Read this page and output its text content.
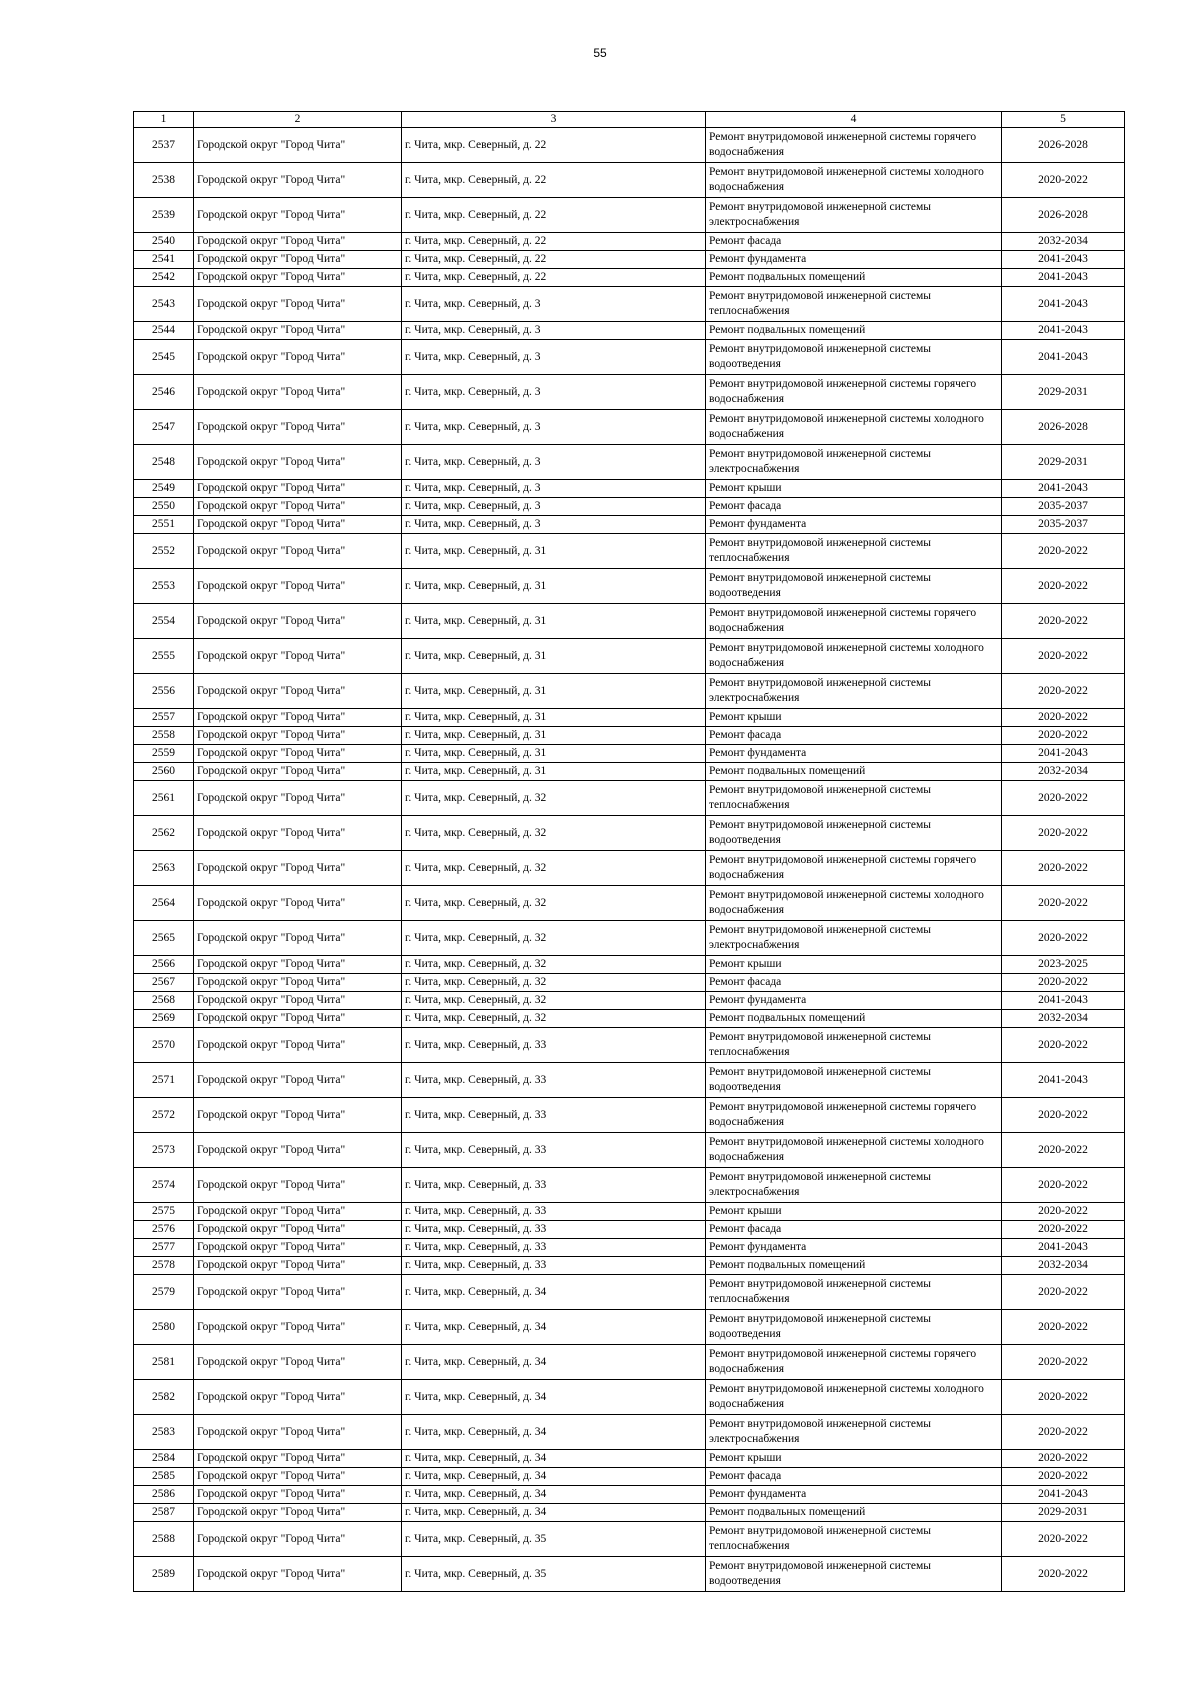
55
1	2	3	4	5
2537	Городской округ "Город Чита"	г. Чита, мкр. Северный, д. 22	Ремонт внутридомовой инженерной системы горячего водоснабжения	2026-2028
2538	Городской округ "Город Чита"	г. Чита, мкр. Северный, д. 22	Ремонт внутридомовой инженерной системы холодного водоснабжения	2020-2022
2539	Городской округ "Город Чита"	г. Чита, мкр. Северный, д. 22	Ремонт внутридомовой инженерной системы электроснабжения	2026-2028
2540	Городской округ "Город Чита"	г. Чита, мкр. Северный, д. 22	Ремонт фасада	2032-2034
2541	Городской округ "Город Чита"	г. Чита, мкр. Северный, д. 22	Ремонт фундамента	2041-2043
2542	Городской округ "Город Чита"	г. Чита, мкр. Северный, д. 22	Ремонт подвальных помещений	2041-2043
2543	Городской округ "Город Чита"	г. Чита, мкр. Северный, д. 3	Ремонт внутридомовой инженерной системы теплоснабжения	2041-2043
2544	Городской округ "Город Чита"	г. Чита, мкр. Северный, д. 3	Ремонт подвальных помещений	2041-2043
2545	Городской округ "Город Чита"	г. Чита, мкр. Северный, д. 3	Ремонт внутридомовой инженерной системы водоотведения	2041-2043
2546	Городской округ "Город Чита"	г. Чита, мкр. Северный, д. 3	Ремонт внутридомовой инженерной системы горячего водоснабжения	2029-2031
2547	Городской округ "Город Чита"	г. Чита, мкр. Северный, д. 3	Ремонт внутридомовой инженерной системы холодного водоснабжения	2026-2028
2548	Городской округ "Город Чита"	г. Чита, мкр. Северный, д. 3	Ремонт внутридомовой инженерной системы электроснабжения	2029-2031
2549	Городской округ "Город Чита"	г. Чита, мкр. Северный, д. 3	Ремонт крыши	2041-2043
2550	Городской округ "Город Чита"	г. Чита, мкр. Северный, д. 3	Ремонт фасада	2035-2037
2551	Городской округ "Город Чита"	г. Чита, мкр. Северный, д. 3	Ремонт фундамента	2035-2037
2552	Городской округ "Город Чита"	г. Чита, мкр. Северный, д. 31	Ремонт внутридомовой инженерной системы теплоснабжения	2020-2022
2553	Городской округ "Город Чита"	г. Чита, мкр. Северный, д. 31	Ремонт внутридомовой инженерной системы водоотведения	2020-2022
2554	Городской округ "Город Чита"	г. Чита, мкр. Северный, д. 31	Ремонт внутридомовой инженерной системы горячего водоснабжения	2020-2022
2555	Городской округ "Город Чита"	г. Чита, мкр. Северный, д. 31	Ремонт внутридомовой инженерной системы холодного водоснабжения	2020-2022
2556	Городской округ "Город Чита"	г. Чита, мкр. Северный, д. 31	Ремонт внутридомовой инженерной системы электроснабжения	2020-2022
2557	Городской округ "Город Чита"	г. Чита, мкр. Северный, д. 31	Ремонт крыши	2020-2022
2558	Городской округ "Город Чита"	г. Чита, мкр. Северный, д. 31	Ремонт фасада	2020-2022
2559	Городской округ "Город Чита"	г. Чита, мкр. Северный, д. 31	Ремонт фундамента	2041-2043
2560	Городской округ "Город Чита"	г. Чита, мкр. Северный, д. 31	Ремонт подвальных помещений	2032-2034
2561	Городской округ "Город Чита"	г. Чита, мкр. Северный, д. 32	Ремонт внутридомовой инженерной системы теплоснабжения	2020-2022
2562	Городской округ "Город Чита"	г. Чита, мкр. Северный, д. 32	Ремонт внутридомовой инженерной системы водоотведения	2020-2022
2563	Городской округ "Город Чита"	г. Чита, мкр. Северный, д. 32	Ремонт внутридомовой инженерной системы горячего водоснабжения	2020-2022
2564	Городской округ "Город Чита"	г. Чита, мкр. Северный, д. 32	Ремонт внутридомовой инженерной системы холодного водоснабжения	2020-2022
2565	Городской округ "Город Чита"	г. Чита, мкр. Северный, д. 32	Ремонт внутридомовой инженерной системы электроснабжения	2020-2022
2566	Городской округ "Город Чита"	г. Чита, мкр. Северный, д. 32	Ремонт крыши	2023-2025
2567	Городской округ "Город Чита"	г. Чита, мкр. Северный, д. 32	Ремонт фасада	2020-2022
2568	Городской округ "Город Чита"	г. Чита, мкр. Северный, д. 32	Ремонт фундамента	2041-2043
2569	Городской округ "Город Чита"	г. Чита, мкр. Северный, д. 32	Ремонт подвальных помещений	2032-2034
2570	Городской округ "Город Чита"	г. Чита, мкр. Северный, д. 33	Ремонт внутридомовой инженерной системы теплоснабжения	2020-2022
2571	Городской округ "Город Чита"	г. Чита, мкр. Северный, д. 33	Ремонт внутридомовой инженерной системы водоотведения	2041-2043
2572	Городской округ "Город Чита"	г. Чита, мкр. Северный, д. 33	Ремонт внутридомовой инженерной системы горячего водоснабжения	2020-2022
2573	Городской округ "Город Чита"	г. Чита, мкр. Северный, д. 33	Ремонт внутридомовой инженерной системы холодного водоснабжения	2020-2022
2574	Городской округ "Город Чита"	г. Чита, мкр. Северный, д. 33	Ремонт внутридомовой инженерной системы электроснабжения	2020-2022
2575	Городской округ "Город Чита"	г. Чита, мкр. Северный, д. 33	Ремонт крыши	2020-2022
2576	Городской округ "Город Чита"	г. Чита, мкр. Северный, д. 33	Ремонт фасада	2020-2022
2577	Городской округ "Город Чита"	г. Чита, мкр. Северный, д. 33	Ремонт фундамента	2041-2043
2578	Городской округ "Город Чита"	г. Чита, мкр. Северный, д. 33	Ремонт подвальных помещений	2032-2034
2579	Городской округ "Город Чита"	г. Чита, мкр. Северный, д. 34	Ремонт внутридомовой инженерной системы теплоснабжения	2020-2022
2580	Городской округ "Город Чита"	г. Чита, мкр. Северный, д. 34	Ремонт внутридомовой инженерной системы водоотведения	2020-2022
2581	Городской округ "Город Чита"	г. Чита, мкр. Северный, д. 34	Ремонт внутридомовой инженерной системы горячего водоснабжения	2020-2022
2582	Городской округ "Город Чита"	г. Чита, мкр. Северный, д. 34	Ремонт внутридомовой инженерной системы холодного водоснабжения	2020-2022
2583	Городской округ "Город Чита"	г. Чита, мкр. Северный, д. 34	Ремонт внутридомовой инженерной системы электроснабжения	2020-2022
2584	Городской округ "Город Чита"	г. Чита, мкр. Северный, д. 34	Ремонт крыши	2020-2022
2585	Городской округ "Город Чита"	г. Чита, мкр. Северный, д. 34	Ремонт фасада	2020-2022
2586	Городской округ "Город Чита"	г. Чита, мкр. Северный, д. 34	Ремонт фундамента	2041-2043
2587	Городской округ "Город Чита"	г. Чита, мкр. Северный, д. 34	Ремонт подвальных помещений	2029-2031
2588	Городской округ "Город Чита"	г. Чита, мкр. Северный, д. 35	Ремонт внутридомовой инженерной системы теплоснабжения	2020-2022
2589	Городской округ "Город Чита"	г. Чита, мкр. Северный, д. 35	Ремонт внутридомовой инженерной системы водоотведения	2020-2022
